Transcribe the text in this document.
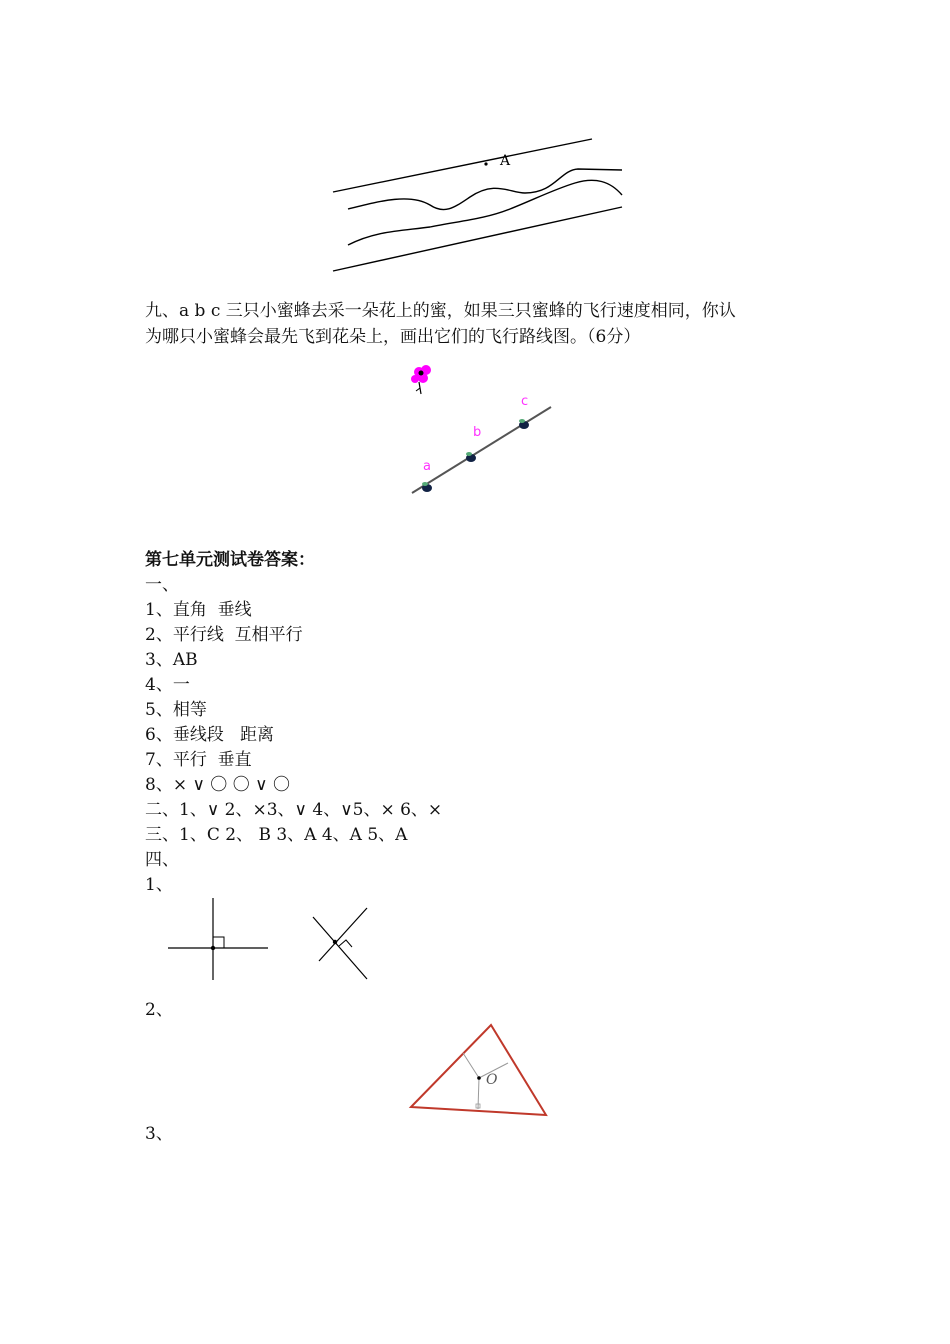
A
九、a b c 三只小蜜蜂去采一朵花上的蜜，如果三只蜜蜂的飞行速度相同，你认
为哪只小蜜蜂会最先飞到花朵上，画出它们的飞行路线图。（6分）
a
b
c
第七单元测试卷答案：
一、
1、直角  垂线
2、平行线  互相平行
3、AB
4、一
5、相等
6、垂线段   距离
7、平行  垂直
8、× ∨ 〇 〇 ∨ 〇
二、1、∨ 2、×3、∨ 4、∨5、× 6、×
三、1、C 2、 B 3、A 4、A 5、A
四、
1、
2、
O
3、
